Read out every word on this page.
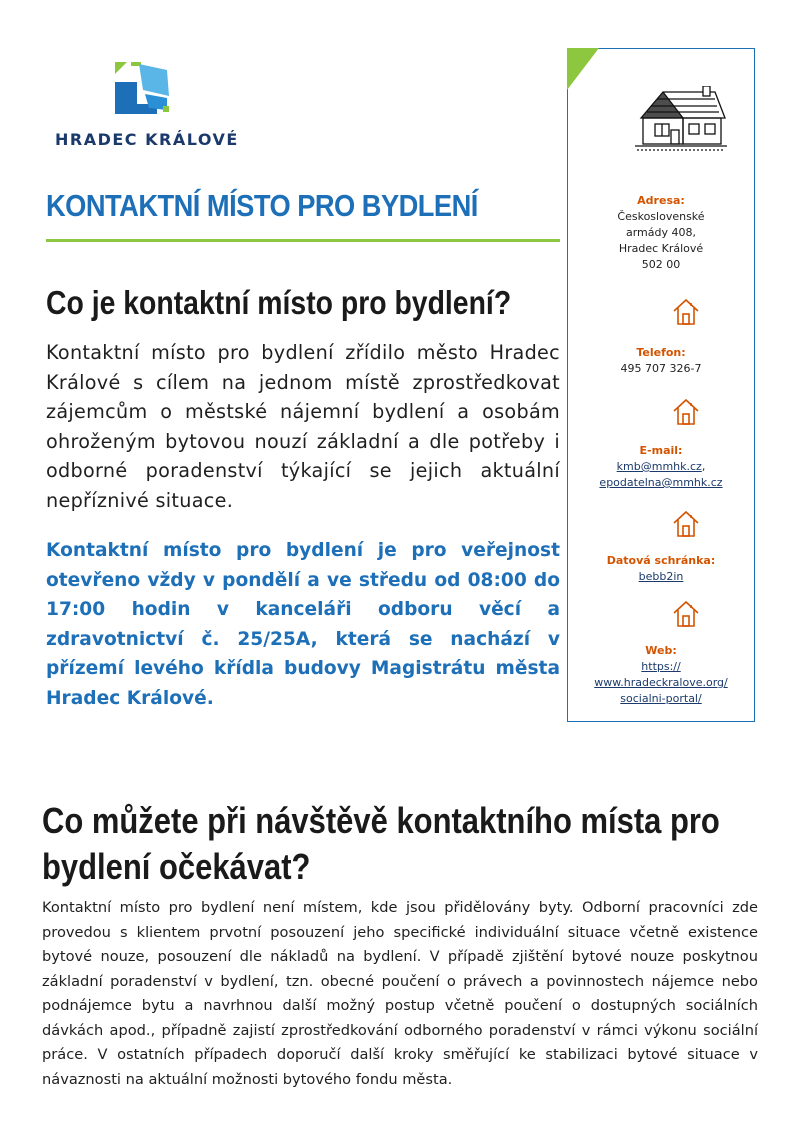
HRADEC KRÁLOVÉ
KONTAKTNÍ MÍSTO PRO BYDLENÍ
Co je kontaktní místo pro bydlení?
Kontaktní místo pro bydlení zřídilo město Hradec Králové s cílem na jednom místě zprostředkovat zájemcům o městské nájemní bydlení a osobám ohroženým bytovou nouzí základní a dle potřeby i odborné poradenství týkající se jejich aktuální nepříznivé situace.
Kontaktní místo pro bydlení je pro veřejnost otevřeno vždy v pondělí a ve středu od 08:00 do 17:00 hodin v kanceláři odboru věcí a zdravotnictví č. 25/25A, která se nachází v přízemí levého křídla budovy Magistrátu města Hradec Králové.
Adresa:
Československé
armády 408,
Hradec Králové
502 00
Telefon:
495 707 326-7
E-mail:
kmb@mmhk.cz,
epodatelna@mmhk.cz
Datová schránka:
bebb2in
Web:
https://
www.hradeckralove.org/
socialni-portal/
Co můžete při návštěvě kontaktního místa pro
bydlení očekávat?
Kontaktní místo pro bydlení není místem, kde jsou přidělovány byty. Odborní pracovníci zde provedou s klientem prvotní posouzení jeho specifické individuální situace včetně existence bytové nouze, posouzení dle nákladů na bydlení. V případě zjištění bytové nouze poskytnou základní poradenství v bydlení, tzn. obecné poučení o právech a povinnostech nájemce nebo podnájemce bytu a navrhnou další možný postup včetně poučení o dostupných sociálních dávkách apod., případně zajistí zprostředkování odborného poradenství v rámci výkonu sociální práce. V ostatních případech doporučí další kroky směřující ke stabilizaci bytové situace v návaznosti na aktuální možnosti bytového fondu města.
